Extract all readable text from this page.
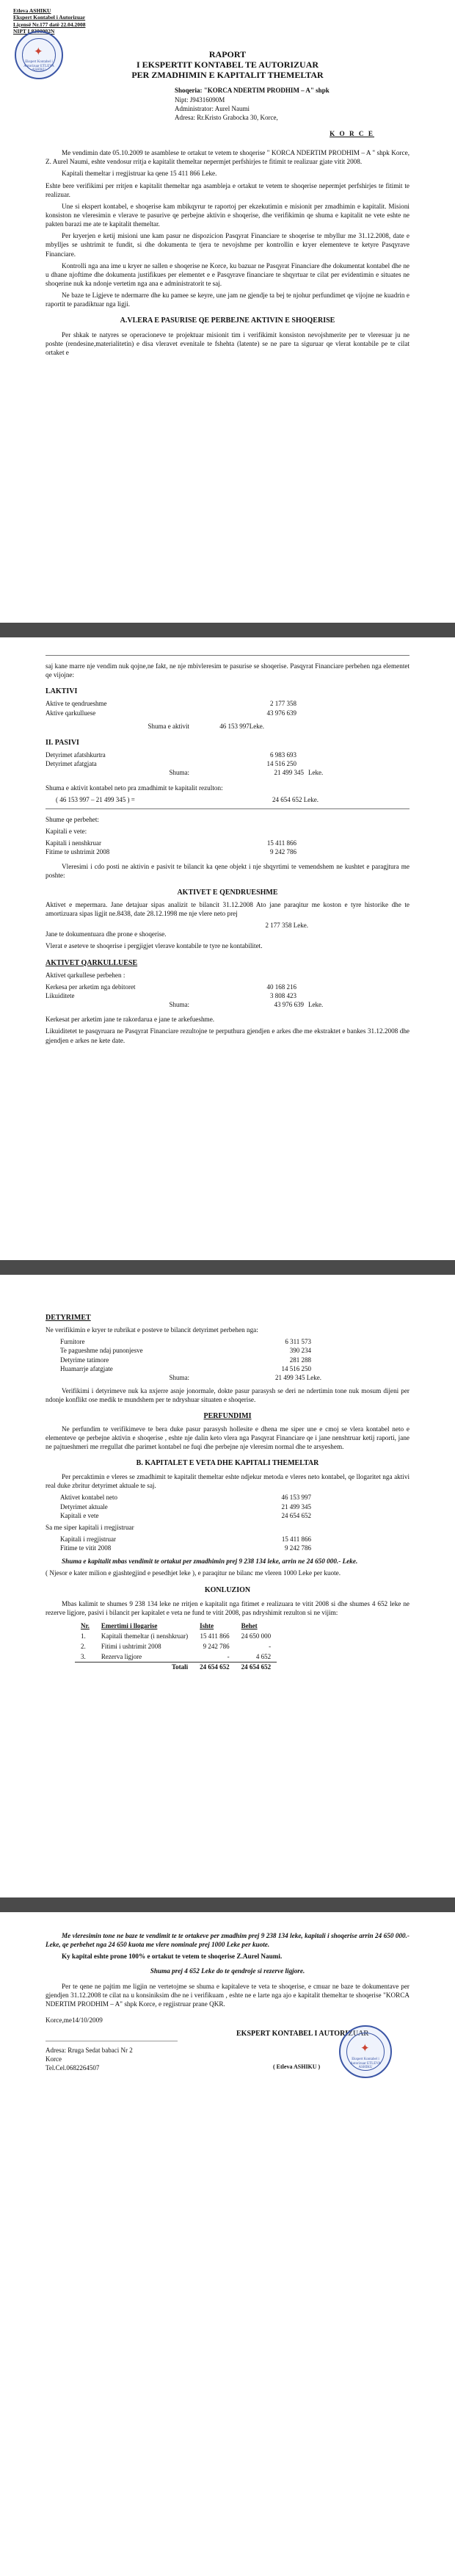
Etleva ASHIKU
Ekspert Kontabel i Autorizuar
Liçensë Nr.177 datë 22.04.2008
NIPT L8300002N
✦
Ekspert Kontabel i Autorizuar ETLEVA ASHIKU

RAPORT

I EKSPERTIT KONTABEL TE AUTORIZUAR

PER ZMADHIMIN E KAPITALIT THEMELTAR

Shoqeria: "KORCA NDERTIM PRODHIM – A" shpk
Nipt: J94316090M
Administrator: Aurel Naumi
Adresa: Rr.Kristo Grabocka 30, Korce,
K O R C E

Me vendimin date 05.10.2009 te asamblese te ortakut te vetem te shoqerise " KORCA NDERTIM PRODHIM – A " shpk Korce, Z. Aurel Naumi, eshte vendosur rritja e kapitalit themeltar nepermjet perfshirjes te fitimit te realizuar gjate vitit 2008.

Kapitali themeltar i rregjistruar ka qene 15 411 866 Leke.

Eshte bere verifikimi per rritjen e kapitalit themeltar nga asambleja e ortakut te vetem te shoqerise nepermjet perfshirjes te fitimit te realizuar.

Une si ekspert kontabel, e shoqerise kam mbikqyrur te raportoj per ekzekutimin e misionit per zmadhimin e kapitalit. Misioni konsiston ne vleresimin e vlerave te pasurive qe perbejne aktivin e shoqerise, dhe verifikimin qe shuma e kapitalit ne vete eshte ne pakten barazi me ate te kapitalit themeltar.

Per kryerjen e ketij misioni une kam pasur ne dispozicion Pasqyrat Financiare te shoqerise te mbyllur me 31.12.2008, date e mbylljes se ushtrimit te fundit, si dhe dokumenta te tjera te nevojshme per kontrollin e kryer elementeve te ketyre Pasqyrave Financiare.

Kontrolli nga ana ime u kryer ne sallen e shoqerise ne Korce, ku bazuar ne Pasqyrat Financiare dhe dokumentat kontabel dhe ne u dhane njoftime dhe dokumenta justifikues per elementet e e Pasqyrave financiare te shqyrtuar te cilat per evidentimin e situates ne shoqerine nuk ka ndonje vertetim nga ana e administratorit te saj.

Ne baze te Ligjeve te ndermarre dhe ku pamee se keyre, une jam ne gjendje ta bej te njohur perfundimet qe vijojne ne kuadrin e raportit te paradiktuar nga ligji.

A.VLERA E PASURISE QE PERBEJNE AKTIVIN E SHOQERISE

Per shkak te natyres se operacioneve te projektuar misionit tim i verifikimit konsiston nevojshmerite per te vleresuar ju ne poshte (rendesine,materialitetin) e disa vleravet evenitale te fshehta (latente) se ne pare ta siguruar qe vlerat kontabile pe te cilat ortaket e

saj kane marre nje vendim nuk qojne,ne fakt, ne nje mbivleresim te pasurise se shoqerise. Pasqyrat Financiare perbehen nga elementet qe vijojne:

LAKTIVI
Aktive te qendrueshme	2 177 358
Aktive qarkulluese	43 976 639
Shuma e aktivit	46 153 997Leke.
II. PASIVI
Detyrimet afatshkurtra	6 983 693
Detyrimet afatgjata	14 516 250
Shuma:	21 499 345 Leke.

Shuma e aktivit kontabel neto pra zmadhimit te kapitalit rezulton:

( 46 153 997 – 21 499 345 ) =	24 654 652 Leke.

Shume qe perbehet:

Kapitali e vete:

Kapitali i nenshkruar	15 411 866
Fitime te ushtrimit 2008	9 242 786

Vleresimi i cdo posti ne aktivin e pasivit te bilancit ka qene objekt i nje shqyrtimi te vemendshem ne kushtet e paragjtura me poshte:

AKTIVET E QENDRUESHME

Aktivet e mepermara. Jane detajuar sipas analizit te bilancit 31.12.2008 Ato jane paraqitur me koston e tyre historike dhe te amortizuara sipas ligjit ne.8438, date 28.12.1998 me nje vlere neto prej

2 177 358 Leke.

Jane te dokumentuara dhe prone e shoqerise.

Vlerat e aseteve te shoqerise i pergjigjet vlerave kontabile te tyre ne kontabilitet.

AKTIVET QARKULLUESE

Aktivet qarkullese perbehen :

Kerkesa per arketim nga debitoret	40 168 216
Likuiditete	3 808 423
Shuma:	43 976 639 Leke.

Kerkesat per arketim jane te rakordarua e jane te arkefueshme.

Likuiditetet te pasqyruara ne Pasqyrat Financiare rezultojne te perputhura gjendjen e arkes dhe me ekstraktet e bankes 31.12.2008 dhe gjendjen e arkes ne kete date.

DETYRIMET

Ne verifikimin e kryer te rubrikat e posteve te bilancit detyrimet perbehen nga:

Furnitore	6 311 573
Te pagueshme ndaj punonjesve	390 234
Detyrime tatimore	281 288
Huamarrje afatgjate	14 516 250
Shuma:	21 499 345 Leke.

Verifikimi i detyrimeve nuk ka nxjerre asnje jonormale, dokte pasur parasysh se deri ne ndertimin tone nuk mosum dijeni per ndonje konflikt ose medik te mundshem per te ndryshuar situaten e shoqerise.

PERFUNDIMI

Ne perfundim te verifikimeve te bera duke pasur parasysh hollesite e dhena me siper une e cmoj se vlera kontabel neto e elementeve qe perbejne aktivin e shoqerise , eshte nje dalin keto vlera nga Pasqyrat Financiare qe i jane nenshtruar ketij raporti, jane ne pajtueshmeri me rregullat dhe parimet kontabel ne fuqi dhe perbejne nje vleresim normal dhe te arsyeshem.

B. KAPITALET E VETA DHE KAPITALI THEMELTAR

Per percaktimin e vleres se zmadhimit te kapitalit themeltar eshte ndjekur metoda e vleres neto kontabel, qe llogaritet nga aktivi real duke zbritur detyrimet aktuale te saj.

Aktivet kontabel neto	46 153 997
Detyrimet aktuale	21 499 345
Kapitali e vete	24 654 652

Sa me siper kapitali i rregjistruar

Kapitali i rregjistruar	15 411 866
Fitime te vitit 2008	9 242 786

Shuma e kapitalit mbas vendimit te ortakut per zmadhimin prej 9 238 134 leke, arrin ne 24 650 000.- Leke.

( Njesor e kater milion e gjashtegjind e pesedhjet leke ), e paraqitur ne bilanc me vleren 1000 Leke per kuote.

KONLUZION

Mbas kalimit te shumes 9 238 134 leke ne rritjen e kapitalit nga fitimet e realizuara te vitit 2008 si dhe shumes 4 652 leke ne rezerve ligjore, pasivi i bilancit per kapitalet e veta ne fund te vitit 2008, pas ndryshimit rezulton si ne vijim:

Nr.	Emertimi i llogarise	Ishte	Behet
1.	Kapitali themeltar (i nenshkruar)	15 411 866	24 650 000
2.	Fitimi i ushtrimit 2008	9 242 786	-
3.	Rezerva ligjore	-	4 652
	Totali	24 654 652	24 654 652

Me vleresimin tone ne baze te vendimit te te ortakeve per zmadhim prej 9 238 134 leke, kapitali i shoqerise arrin 24 650 000.- Leke, qe perbehet nga 24 650 kuota me vlere nominale prej 1000 Leke per kuote.

Ky kapital eshte prone 100% e ortakut te vetem te shoqerise Z.Aurel Naumi.

Shuma prej 4 652 Leke do te qendroje si rezerve ligjore.

Per te qene ne pajtim me ligjin ne vertetojme se shuma e kapitaleve te veta te shoqerise, e cmuar ne baze te dokumentave per gjendjen 31.12.2008 te cilat na u konsiniksim dhe ne i verifikuam , eshte ne e larte nga ajo e kapitalit themeltar te shoqerise "KORCA NDERTIM PRODHIM – A" shpk Korce, e regjistruar prane QKR.

Korce,me14/10/2009

Adresa: Rruga Sedat babaci Nr 2
Korce
Tel.Cel.0682264507
EKSPERT KONTABEL I AUTORIZUAR
✦
Ekspert Kontabel i Autorizuar ETLEVA ASHIKU
( Etleva ASHIKU )
